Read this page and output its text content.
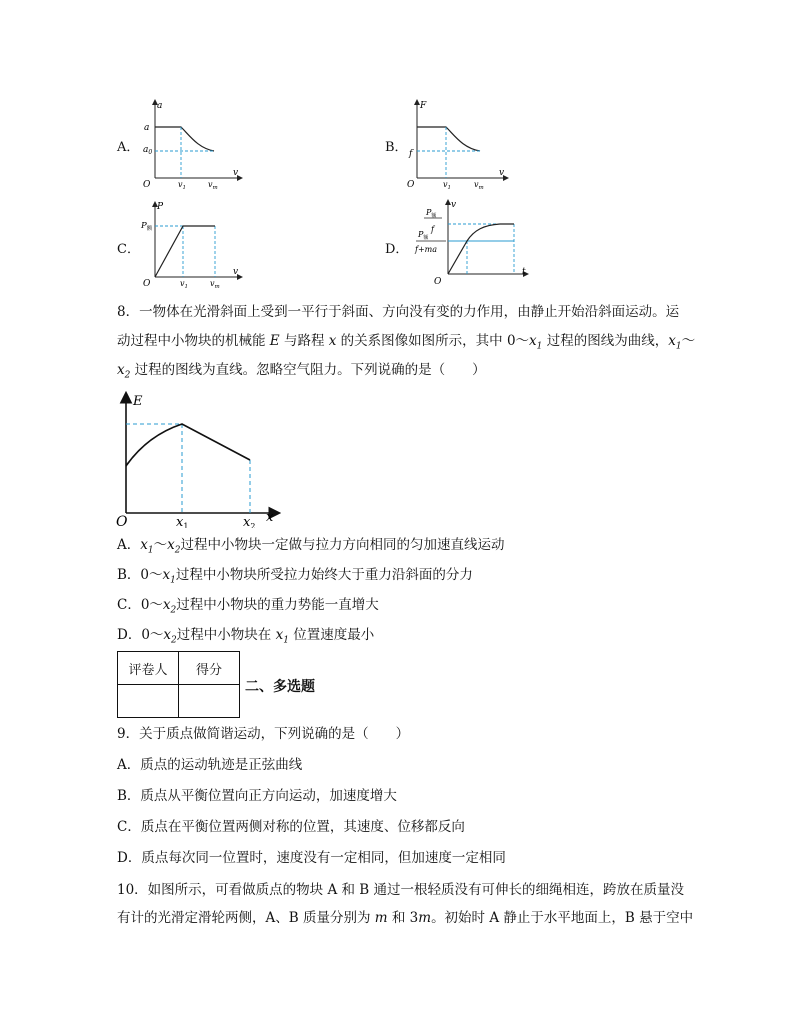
A．
a
a
$a_0$
O	$v_1$	$v_m$
v
B．
F
f
O	$v_1$	$v_m$
v
C．
P
$P_额$
O	$v_1$	$v_m$
v
D．
v
$P_额$
$P_额$
f
f+ma
O
t
8．一物体在光滑斜面上受到一平行于斜面、方向没有变的力作用，由静止开始沿斜面运动。运
动过程中小物块的机械能 E 与路程 x 的关系图像如图所示，其中 $0\sim x_1$ 过程的图线为曲线，$x_1\sim$
$x_2$ 过程的图线为直线。忽略空气阻力。下列说确的是（　　）
E
O	$x_1$	$x_2$
x
A．$x_1\sim x_2$过程中小物块一定做与拉力方向相同的匀加速直线运动
B．$0\sim x_1$过程中小物块所受拉力始终大于重力沿斜面的分力
C．$0\sim x_2$过程中小物块的重力势能一直增大
D．$0\sim x_2$过程中小物块在 $x_1$ 位置速度最小
评卷人	得分

二、多选题
9．关于质点做简谐运动，下列说确的是（　　）
A．质点的运动轨迹是正弦曲线
B．质点从平衡位置向正方向运动，加速度增大
C．质点在平衡位置两侧对称的位置，其速度、位移都反向
D．质点每次同一位置时，速度没有一定相同，但加速度一定相同
10．如图所示，可看做质点的物块 A 和 B 通过一根轻质没有可伸长的细绳相连，跨放在质量没
有计的光滑定滑轮两侧，A、B 质量分别为 m 和 3m。初始时 A 静止于水平地面上，B 悬于空中
